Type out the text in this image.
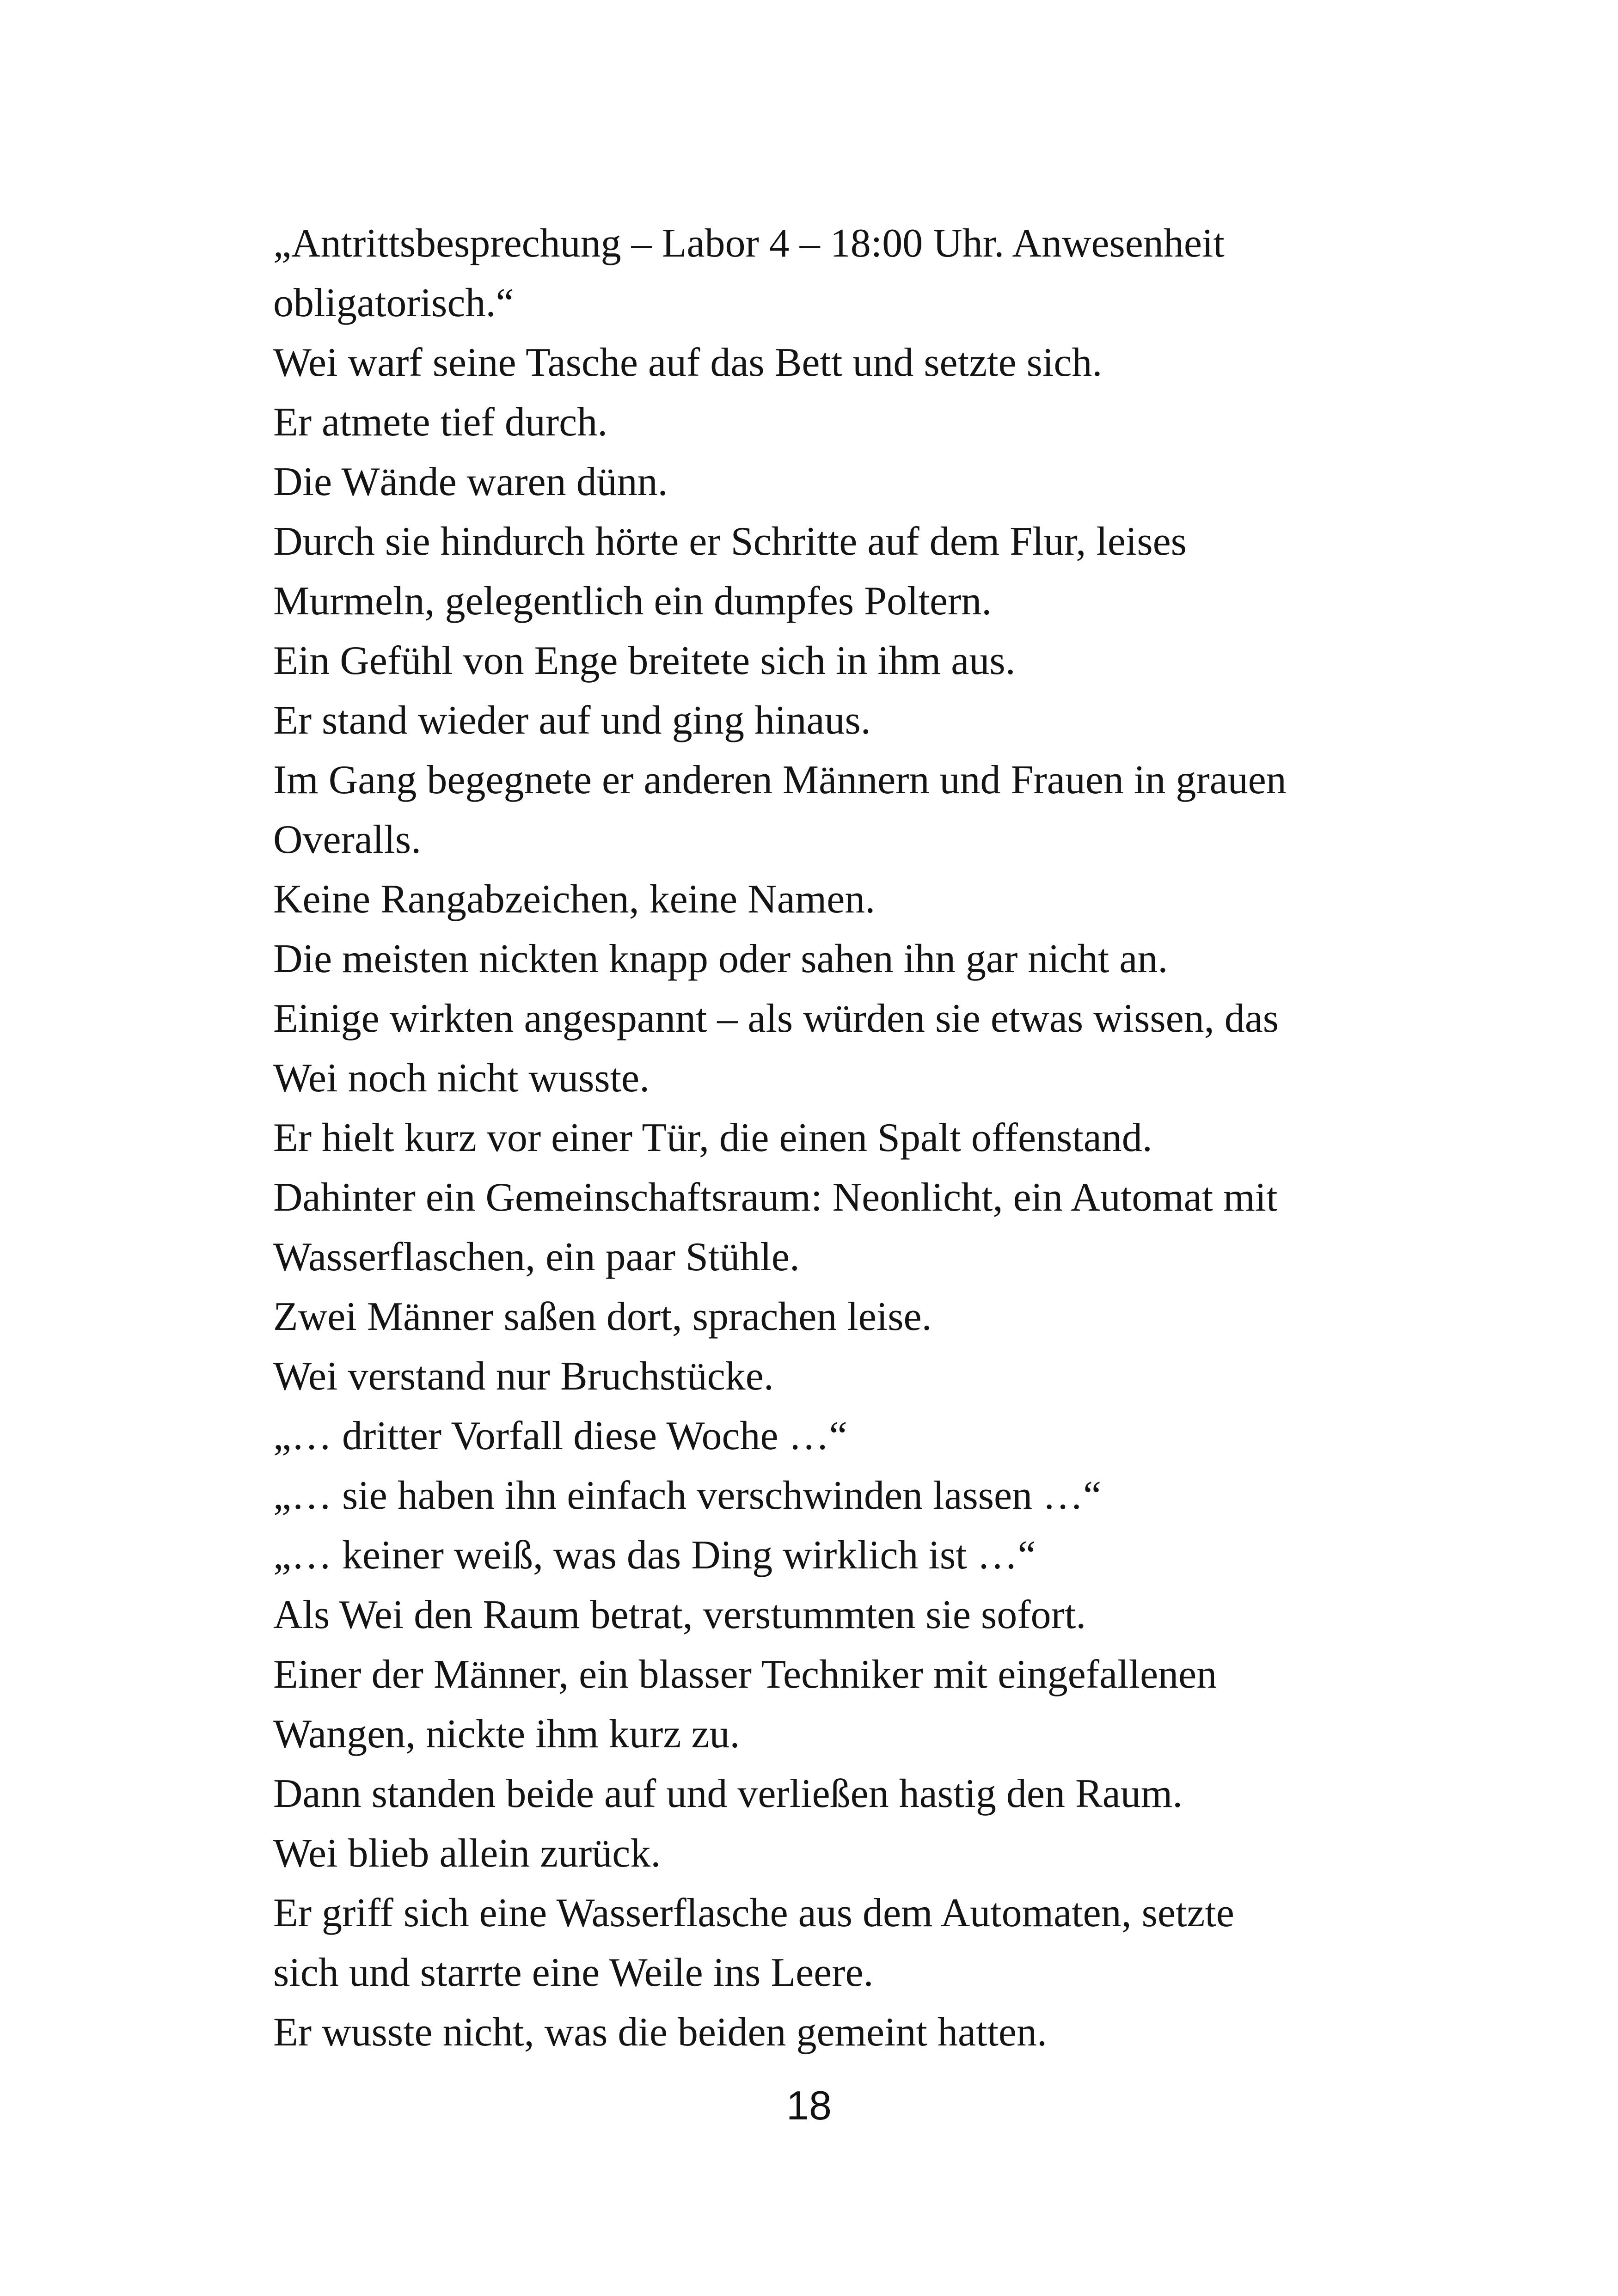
„Antrittsbesprechung – Labor 4 – 18:00 Uhr. Anwesenheit
obligatorisch.“

Wei warf seine Tasche auf das Bett und setzte sich.

Er atmete tief durch.

Die Wände waren dünn.

Durch sie hindurch hörte er Schritte auf dem Flur, leises
Murmeln, gelegentlich ein dumpfes Poltern.

Ein Gefühl von Enge breitete sich in ihm aus.

Er stand wieder auf und ging hinaus.

Im Gang begegnete er anderen Männern und Frauen in grauen
Overalls.

Keine Rangabzeichen, keine Namen.

Die meisten nickten knapp oder sahen ihn gar nicht an.

Einige wirkten angespannt – als würden sie etwas wissen, das
Wei noch nicht wusste.

Er hielt kurz vor einer Tür, die einen Spalt offenstand.

Dahinter ein Gemeinschaftsraum: Neonlicht, ein Automat mit
Wasserflaschen, ein paar Stühle.

Zwei Männer saßen dort, sprachen leise.

Wei verstand nur Bruchstücke.

„… dritter Vorfall diese Woche …“

„… sie haben ihn einfach verschwinden lassen …“

„… keiner weiß, was das Ding wirklich ist …“

Als Wei den Raum betrat, verstummten sie sofort.

Einer der Männer, ein blasser Techniker mit eingefallenen
Wangen, nickte ihm kurz zu.

Dann standen beide auf und verließen hastig den Raum.

Wei blieb allein zurück.

Er griff sich eine Wasserflasche aus dem Automaten, setzte
sich und starrte eine Weile ins Leere.

Er wusste nicht, was die beiden gemeint hatten.

18
